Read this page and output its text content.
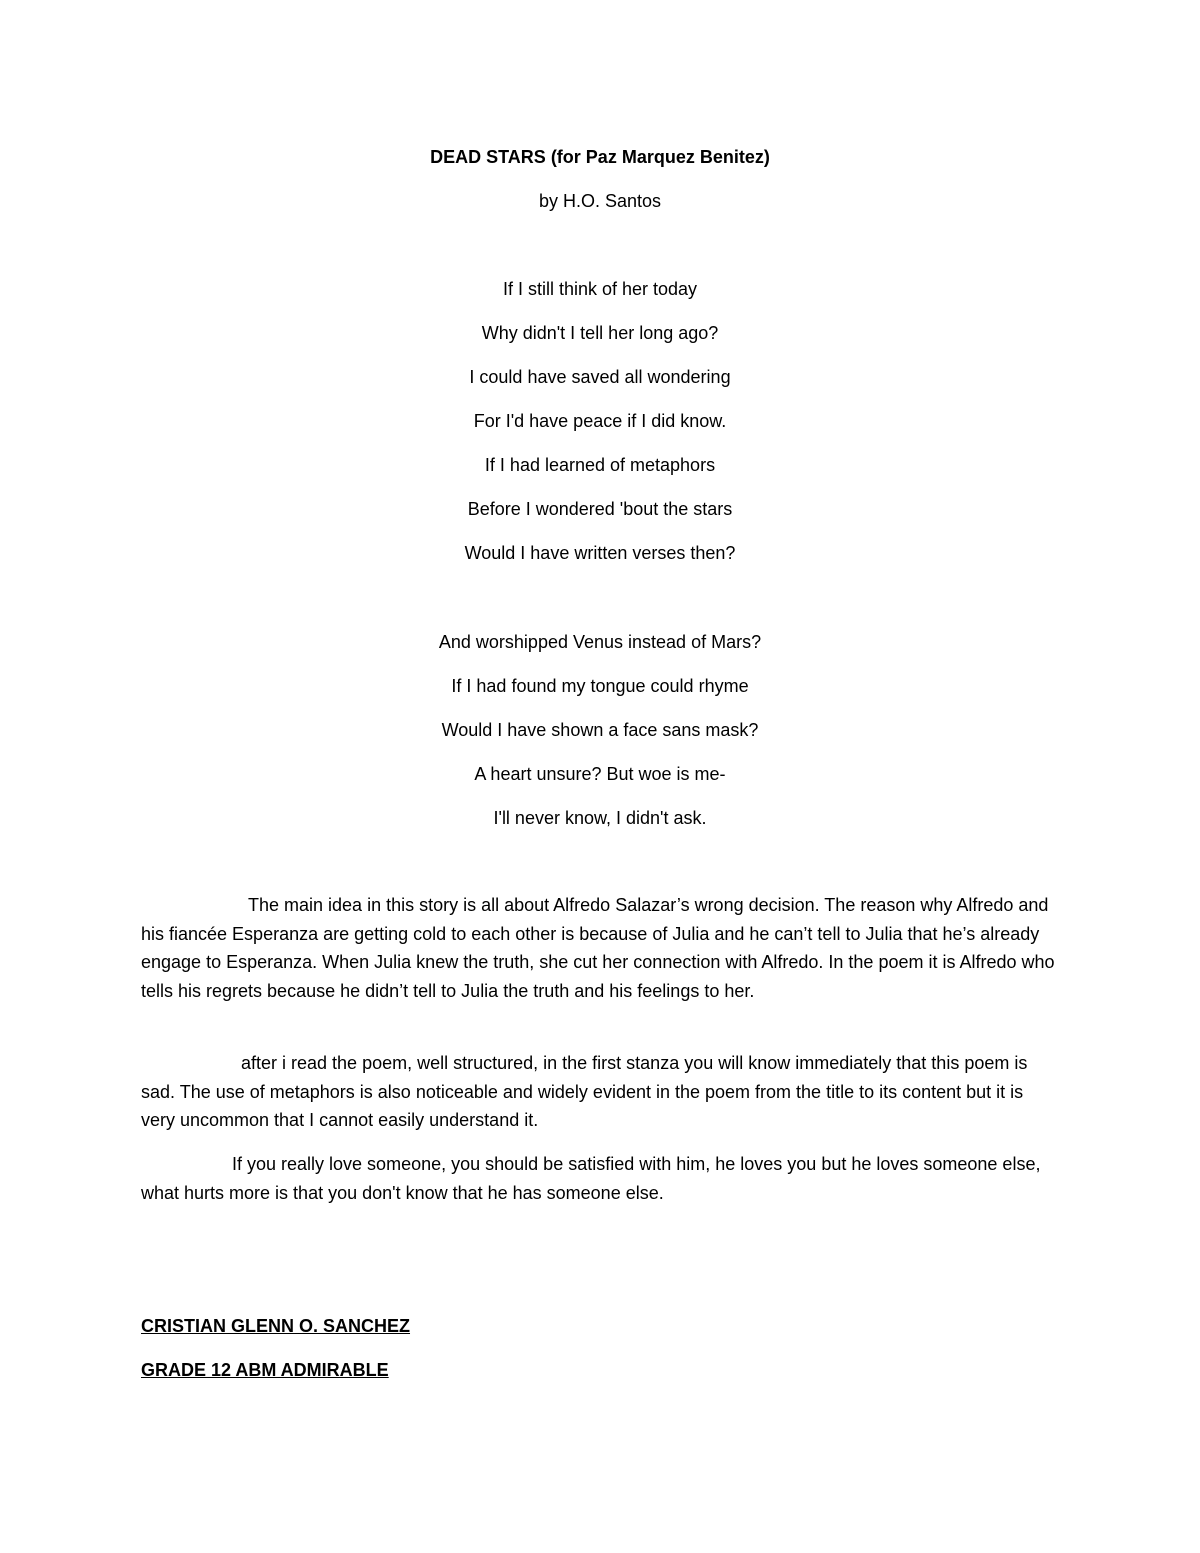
DEAD STARS (for Paz Marquez Benitez)
by H.O. Santos
If I still think of her today
Why didn't I tell her long ago?
I could have saved all wondering
For I'd have peace if I did know.
If I had learned of metaphors
Before I wondered 'bout the stars
Would I have written verses then?
And worshipped Venus instead of Mars?
If I had found my tongue could rhyme
Would I have shown a face sans mask?
A heart unsure? But woe is me-
I'll never know, I didn't ask.

The main idea in this story is all about Alfredo Salazar’s wrong decision. The reason why Alfredo and his fiancée Esperanza are getting cold to each other is because of Julia and he can’t tell to Julia that he’s already engage to Esperanza. When Julia knew the truth, she cut her connection with Alfredo. In the poem it is Alfredo who tells his regrets because he didn’t tell to Julia the truth and his feelings to her.

after i read the poem, well structured, in the first stanza you will know immediately that this poem is sad. The use of metaphors is also noticeable and widely evident in the poem from the title to its content but it is very uncommon that I cannot easily understand it.

If you really love someone, you should be satisfied with him, he loves you but he loves someone else, what hurts more is that you don't know that he has someone else.

CRISTIAN GLENN O. SANCHEZ
GRADE 12 ABM ADMIRABLE
